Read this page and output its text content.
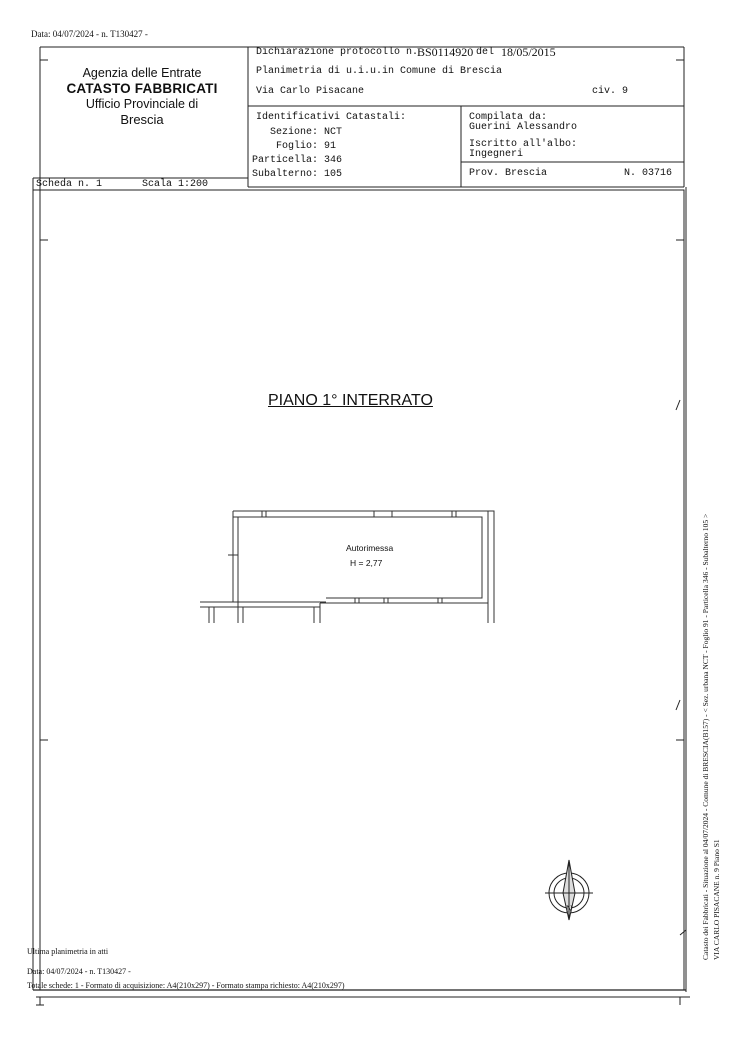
Data: 04/07/2024 - n. T130427 -
Agenzia delle Entrate
CATASTO FABBRICATI
Ufficio Provinciale di
Brescia
Dichiarazione protocollo n.
BS0114920 del 18/05/2015
Planimetria di u.i.u.in Comune di Brescia
Via Carlo Pisacane	civ. 9
Identificativi Catastali:
Sezione: NCT
Foglio: 91
Particella: 346
Subalterno: 105
Compilata da:
Guerini Alessandro
Iscritto all'albo:
Ingegneri
Prov. Brescia	N. 03716
Scheda n. 1	Scala 1:200
PIANO 1° INTERRATO
N
Autorimessa
H = 2,77	Catasto dei Fabbricati - Situazione al 04/07/2024 - Comune di BRESCIA(B157) - < Sez. urbana NCT - Foglio 91 - Particella 346 - Subalterno 105 > VIA CARLO PISACANE n. 9 Piano S1
Ultima planimetria in atti
Data: 04/07/2024 - n. T130427 -
Totale schede: 1 - Formato di acquisizione: A4(210x297) - Formato stampa richiesto: A4(210x297)
